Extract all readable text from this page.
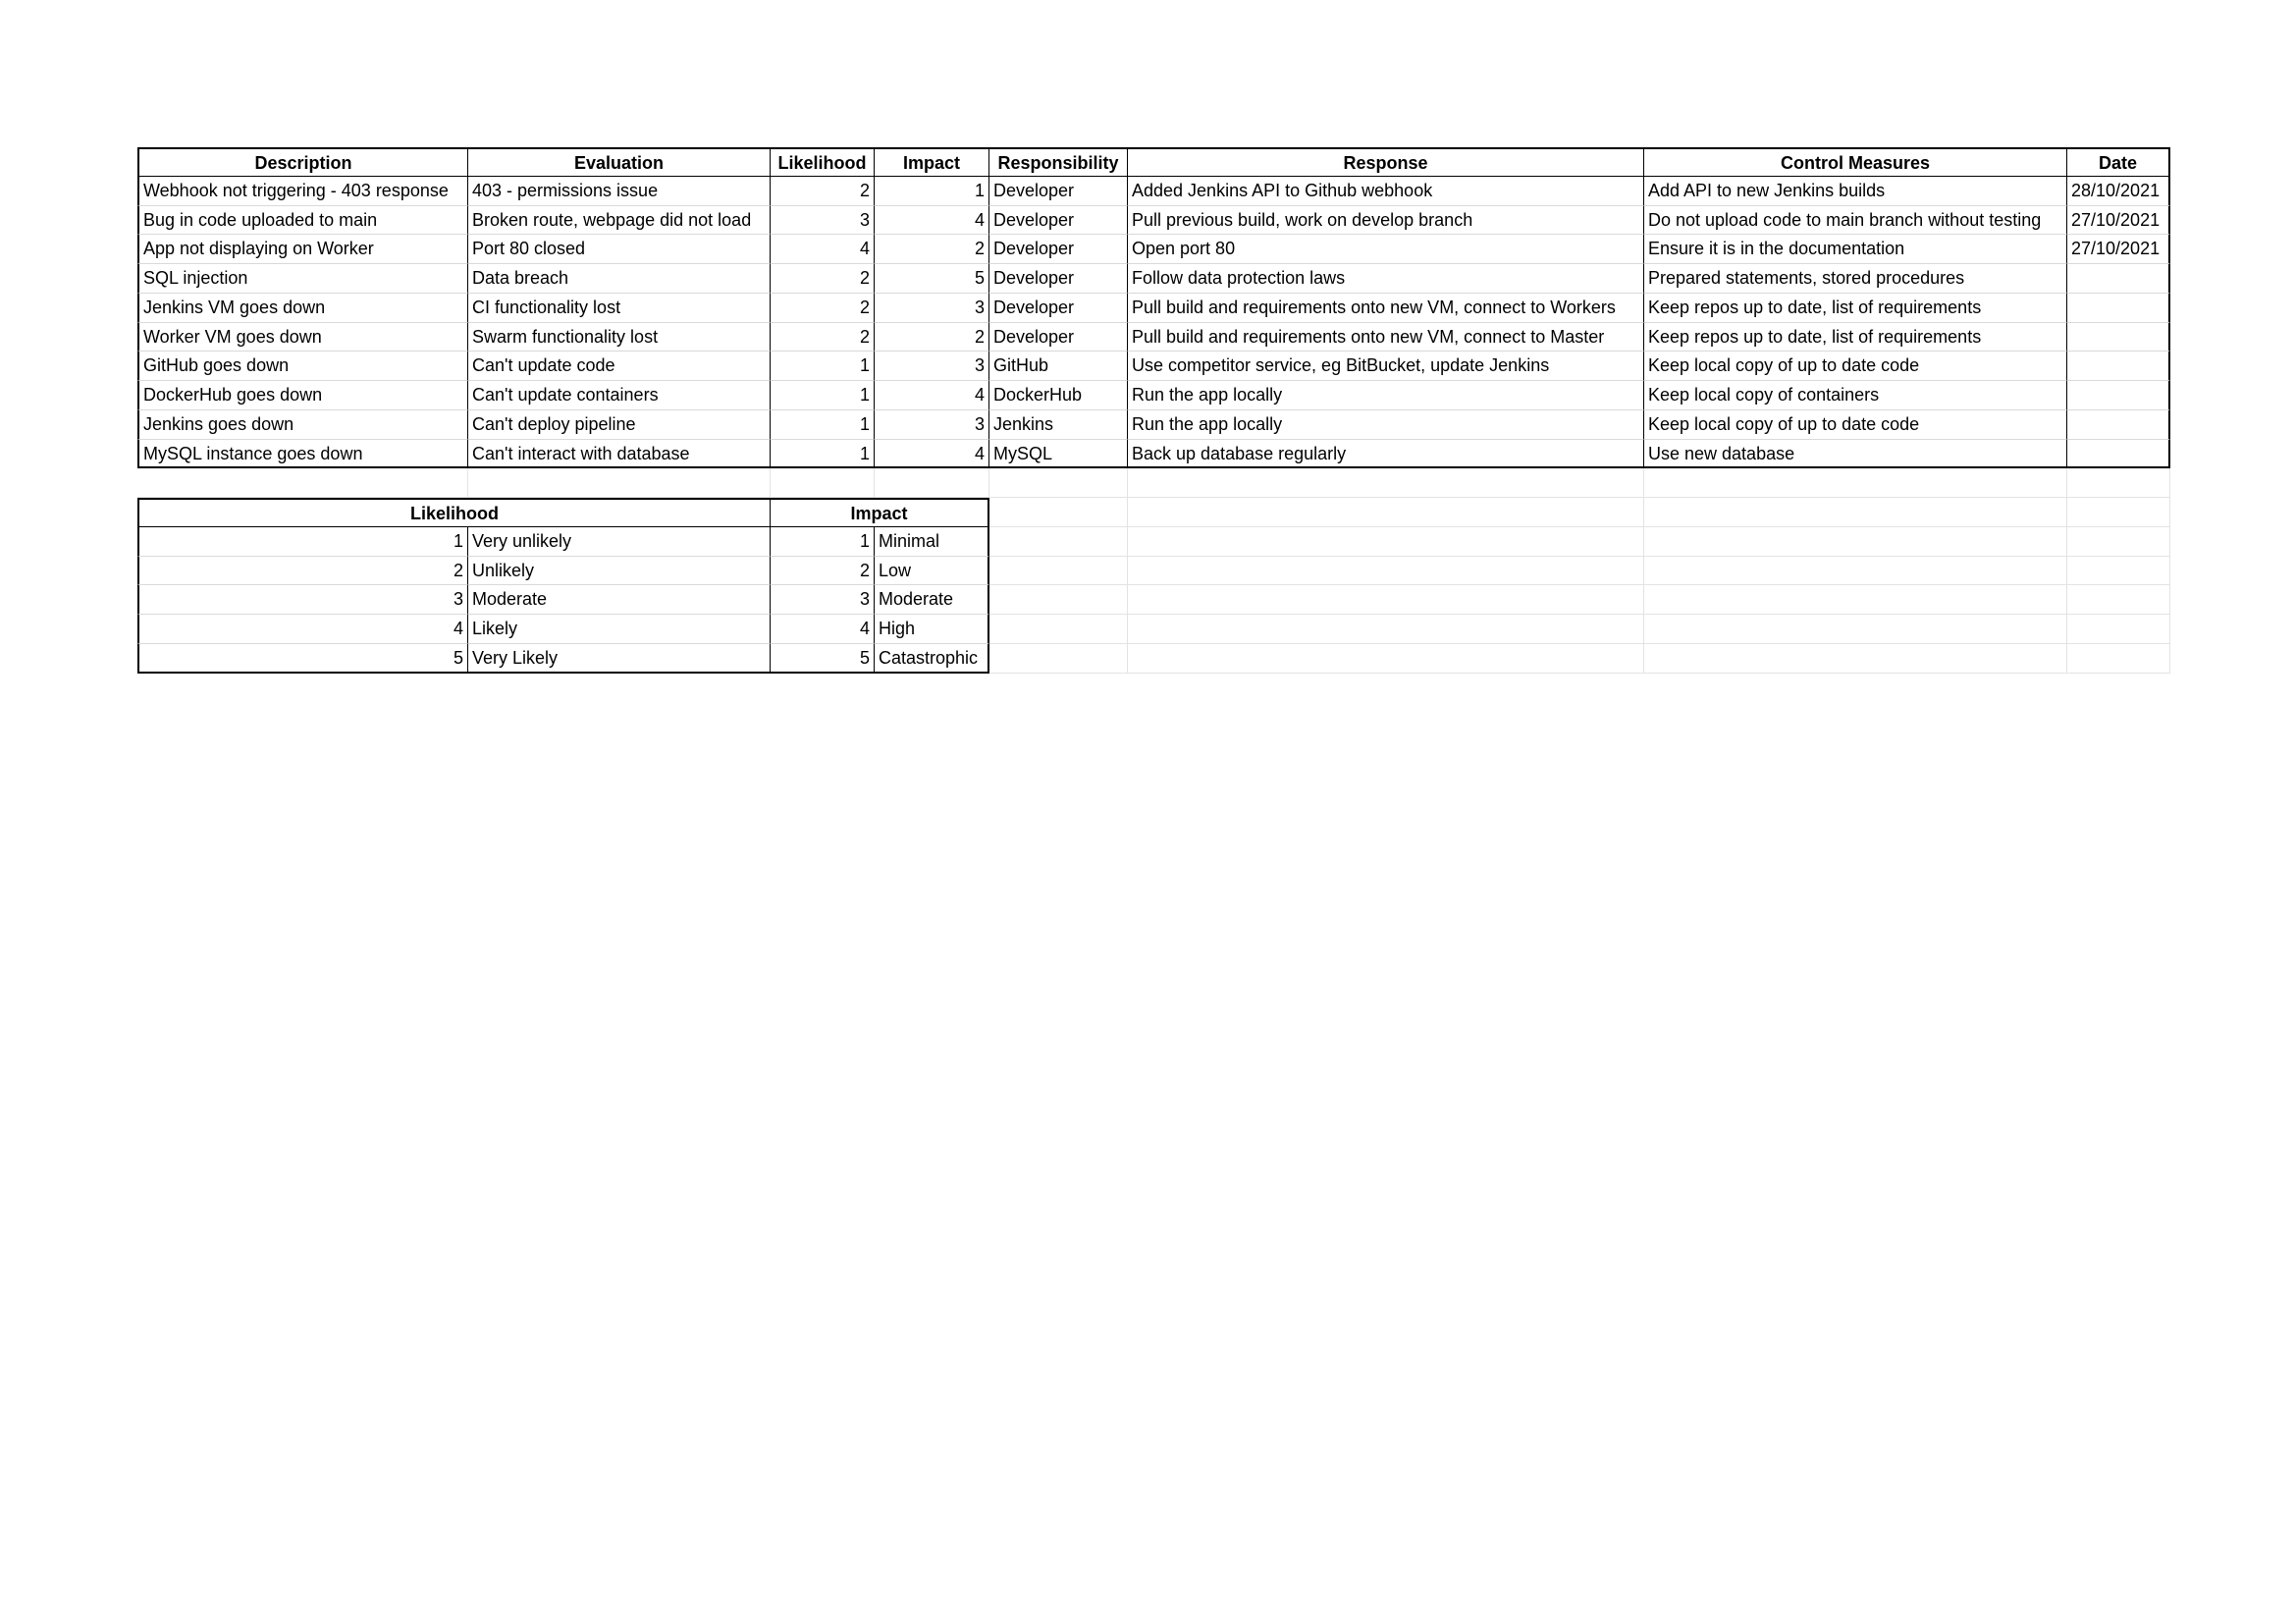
Description	Evaluation	Likelihood	Impact	Responsibility	Response	Control Measures	Date
Webhook not triggering - 403 response	403 - permissions issue	2	1 Developer	Added Jenkins API to Github webhook	Add API to new Jenkins builds	28/10/2021
Bug in code uploaded to main	Broken route, webpage did not load	3	4 Developer	Pull previous build, work on develop branch	Do not upload code to main branch without testing	27/10/2021
App not displaying on Worker	Port 80 closed	4	2 Developer	Open port 80	Ensure it is in the documentation	27/10/2021
SQL injection	Data breach	2	5 Developer	Follow data protection laws	Prepared statements, stored procedures
Jenkins VM goes down	CI functionality lost	2	3 Developer	Pull build and requirements onto new VM, connect to Workers	Keep repos up to date, list of requirements
Worker VM goes down	Swarm functionality lost	2	2 Developer	Pull build and requirements onto new VM, connect to Master	Keep repos up to date, list of requirements
GitHub goes down	Can't update code	1	3 GitHub	Use competitor service, eg BitBucket, update Jenkins	Keep local copy of up to date code
DockerHub goes down	Can't update containers	1	4 DockerHub	Run the app locally	Keep local copy of containers
Jenkins goes down	Can't deploy pipeline	1	3 Jenkins	Run the app locally	Keep local copy of up to date code
MySQL instance goes down	Can't interact with database	1	4 MySQL	Back up database regularly	Use new database
Likelihood	Impact
1 Very unlikely	1 Minimal
2 Unlikely	2 Low
3 Moderate	3 Moderate
4 Likely	4 High
5 Very Likely	5 Catastrophic
